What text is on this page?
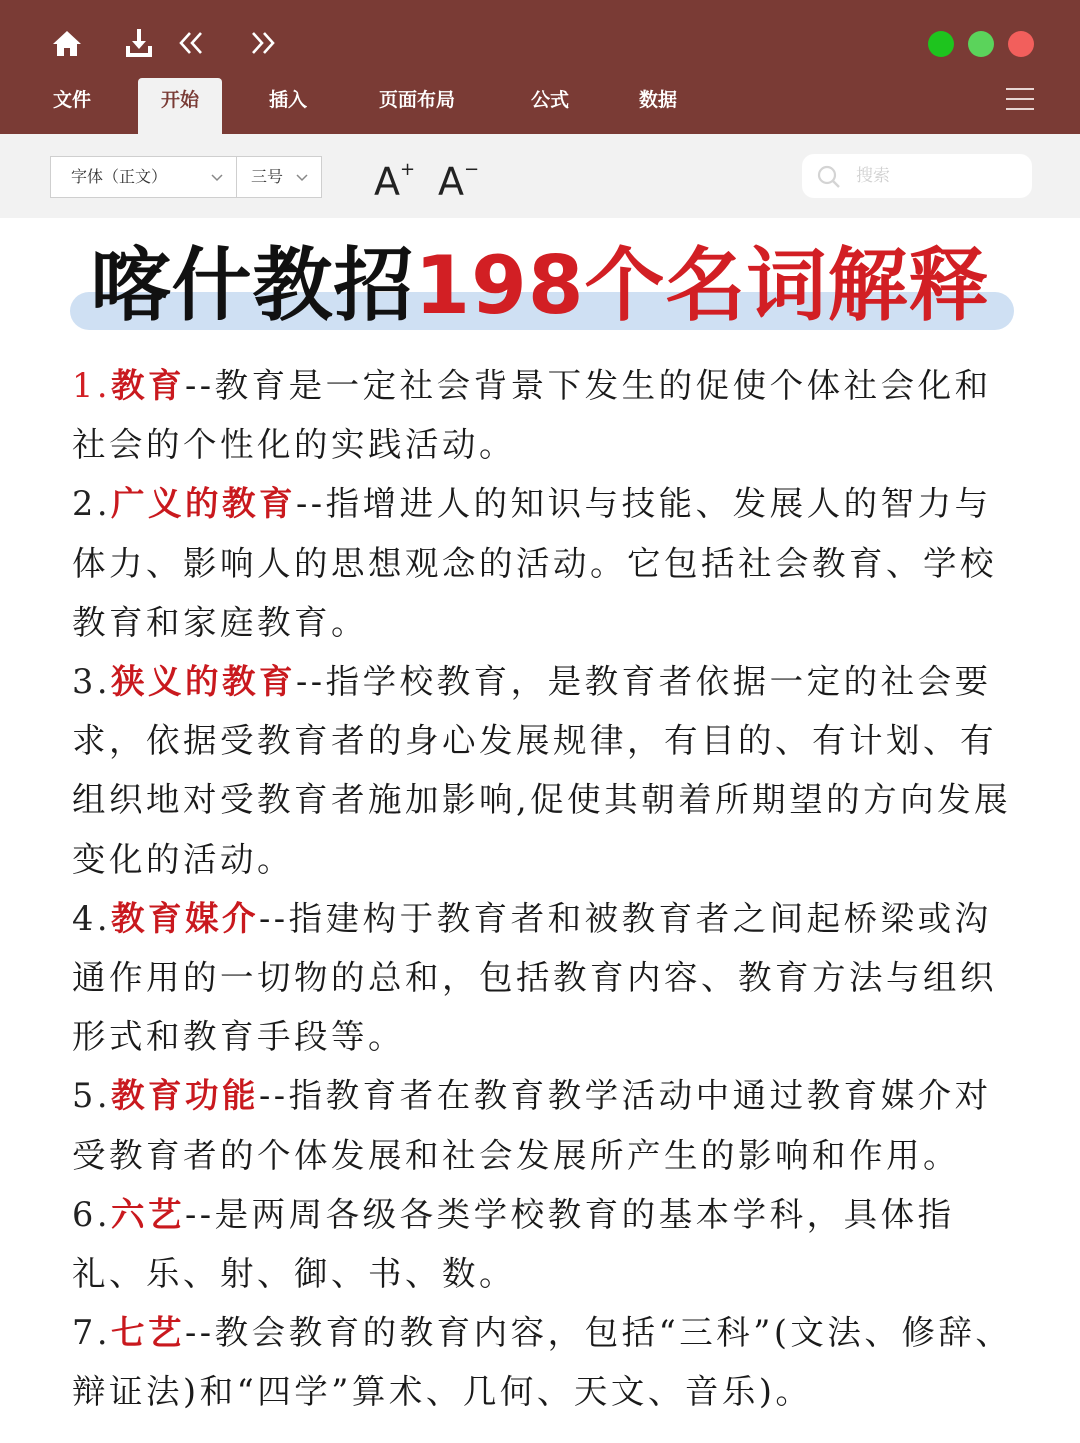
文件	开始	插入	页面布局	公式	数据
字体（正文）	三号	A+ A−	搜索
喀什教招198个名词解释

1.教育--教育是一定社会背景下发生的促使个体社会化和社会的个性化的实践活动。

2.广义的教育--指增进人的知识与技能、发展人的智力与体力、影响人的思想观念的活动。它包括社会教育、学校教育和家庭教育。

3.狭义的教育--指学校教育，是教育者依据一定的社会要求，依据受教育者的身心发展规律，有目的、有计划、有组织地对受教育者施加影响,促使其朝着所期望的方向发展变化的活动。

4.教育媒介--指建构于教育者和被教育者之间起桥梁或沟通作用的一切物的总和，包括教育内容、教育方法与组织形式和教育手段等。

5.教育功能--指教育者在教育教学活动中通过教育媒介对受教育者的个体发展和社会发展所产生的影响和作用。

6.六艺--是两周各级各类学校教育的基本学科，具体指礼、乐、射、御、书、数。

7.七艺--教会教育的教育内容，包括“三科”(文法、修辞、辩证法)和“四学”算术、几何、天文、音乐)。
